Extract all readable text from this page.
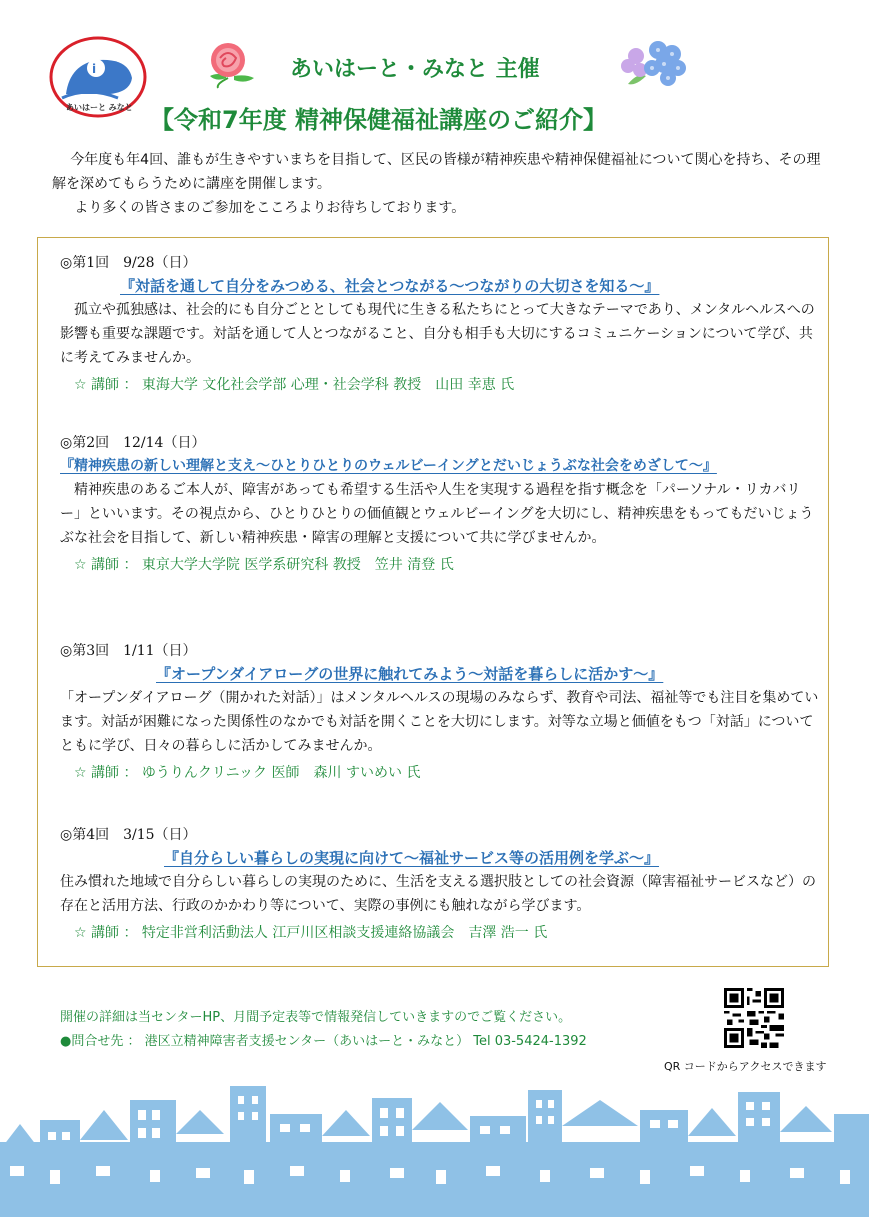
i
あいはーと みなと
あいはーと・みなと 主催
【令和7年度 精神保健福祉講座のご紹介】

今年度も年4回、誰もが生きやすいまちを目指して、区民の皆様が精神疾患や精神保健福祉について関心を持ち、その理解を深めてもらうために講座を開催します。

より多くの皆さまのご参加をこころよりお待ちしております。

◎第1回　9/28（日）
『対話を通して自分をみつめる、社会とつながる～つながりの大切さを知る～』
孤立や孤独感は、社会的にも自分ごととしても現代に生きる私たちにとって大きなテーマであり、メンタルヘルスへの影響も重要な課題です。対話を通して人とつながること、自分も相手も大切にするコミュニケーションについて学び、共に考えてみませんか。
☆ 講師 ： 東海大学 文化社会学部 心理・社会学科 教授　山田 幸恵 氏
◎第2回　12/14（日）
『精神疾患の新しい理解と支え～ひとりひとりのウェルビーイングとだいじょうぶな社会をめざして～』
精神疾患のあるご本人が、障害があっても希望する生活や人生を実現する過程を指す概念を「パーソナル・リカバリー」といいます。その視点から、ひとりひとりの価値観とウェルビーイングを大切にし、精神疾患をもってもだいじょうぶな社会を目指して、新しい精神疾患・障害の理解と支援について共に学びませんか。
☆ 講師 ： 東京大学大学院 医学系研究科 教授　笠井 清登 氏
◎第3回　1/11（日）
『オープンダイアローグの世界に触れてみよう～対話を暮らしに活かす～』
「オープンダイアローグ（開かれた対話）」はメンタルヘルスの現場のみならず、教育や司法、福祉等でも注目を集めています。対話が困難になった関係性のなかでも対話を開くことを大切にします。対等な立場と価値をもつ「対話」についてともに学び、日々の暮らしに活かしてみませんか。
☆ 講師 ： ゆうりんクリニック 医師　森川 すいめい 氏
◎第4回　3/15（日）
『自分らしい暮らしの実現に向けて～福祉サービス等の活用例を学ぶ～』
住み慣れた地域で自分らしい暮らしの実現のために、生活を支える選択肢としての社会資源（障害福祉サービスなど）の存在と活用方法、行政のかかわり等について、実際の事例にも触れながら学びます。
☆ 講師 ： 特定非営利活動法人 江戸川区相談支援連絡協議会　吉澤 浩一 氏
開催の詳細は当センターHP、月間予定表等で情報発信していきますのでご覧ください。
●問合せ先 ： 港区立精神障害者支援センター（あいはーと・みなと） Tel 03-5424-1392
QR コードからアクセスできます
